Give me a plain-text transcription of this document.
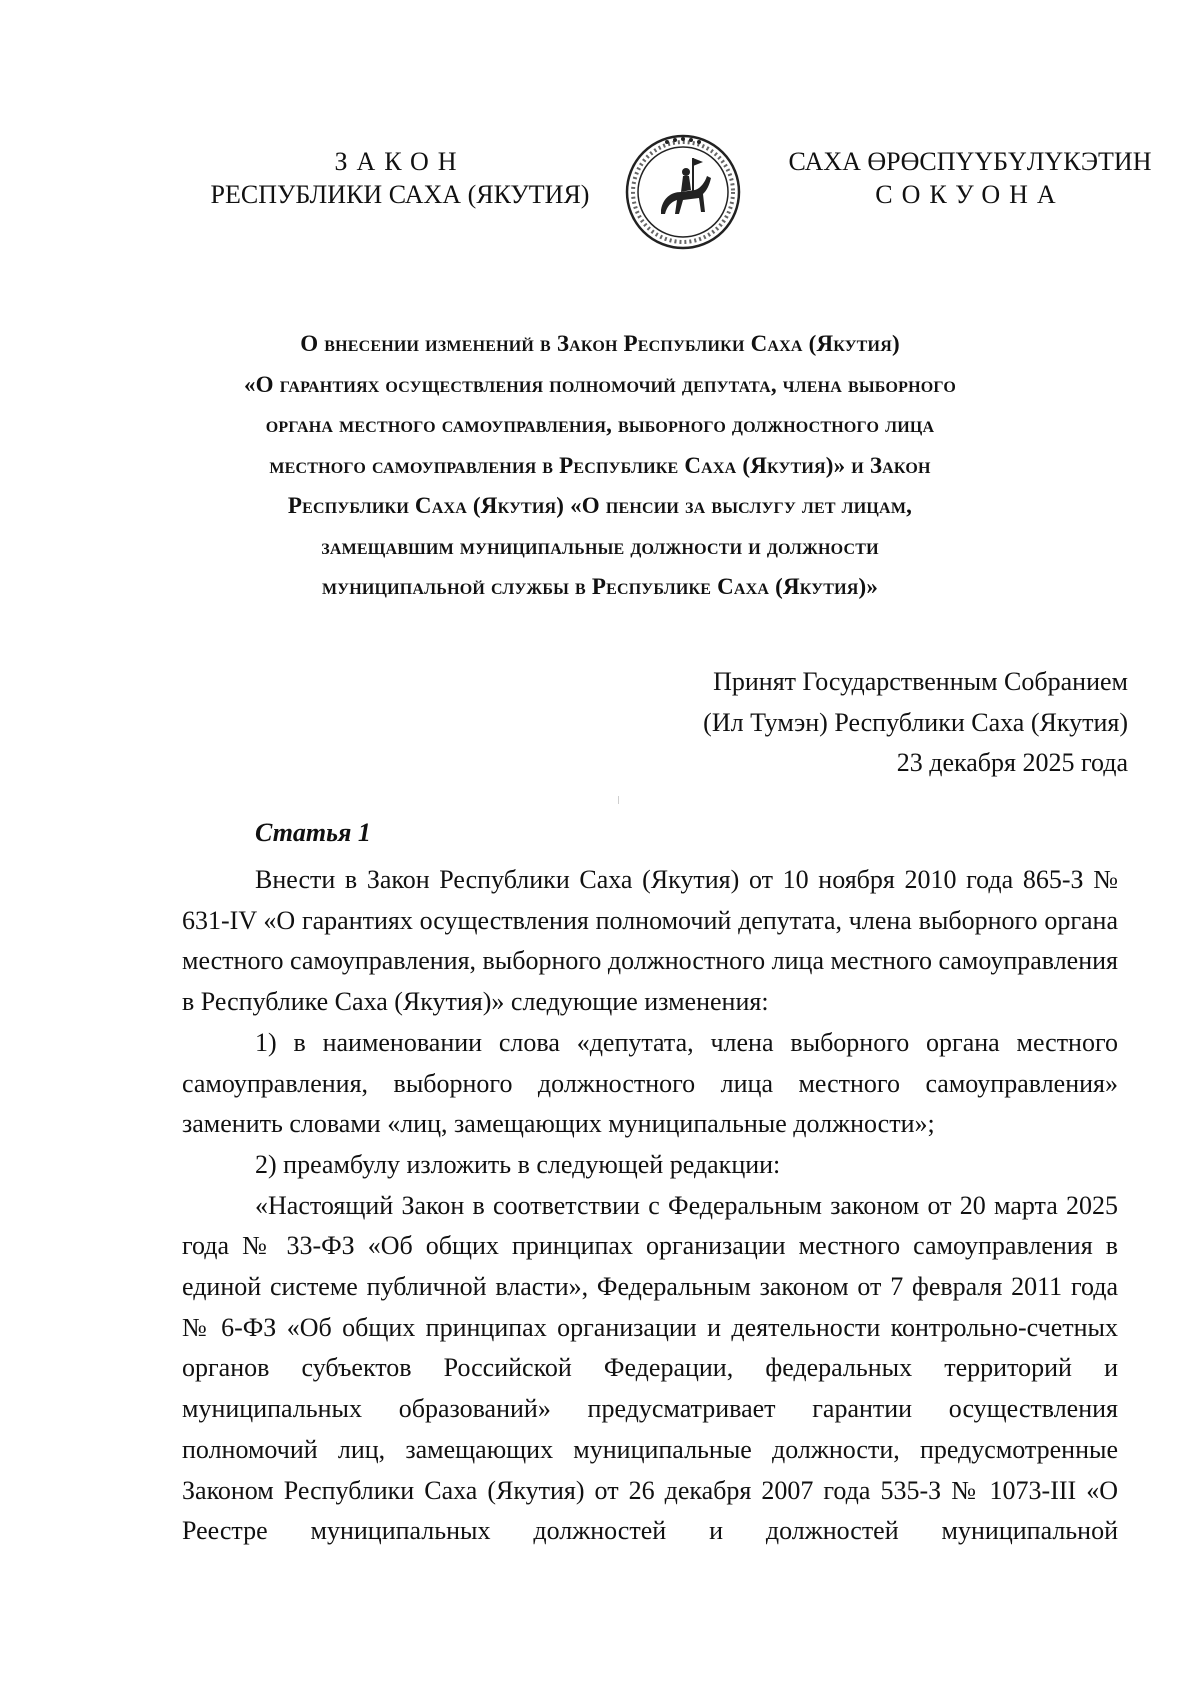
ЗАКОН
РЕСПУБЛИКИ САХА (ЯКУТИЯ)
САХА ӨРӨСПҮҮБҮЛҮКЭТИН
СОКУОНА
О внесении изменений в Закон Республики Саха (Якутия)
«О гарантиях осуществления полномочий депутата, члена выборного
органа местного самоуправления, выборного должностного лица
местного самоуправления в Республике Саха (Якутия)» и Закон
Республики Саха (Якутия) «О пенсии за выслугу лет лицам,
замещавшим муниципальные должности и должности
муниципальной службы в Республике Саха (Якутия)»
Принят Государственным Собранием
(Ил Тумэн) Республики Саха (Якутия)
23 декабря 2025 года
Статья 1

Внести в Закон Республики Саха (Якутия) от 10 ноября 2010 года 865-З № 631-IV «О гарантиях осуществления полномочий депутата, члена выборного органа местного самоуправления, выборного должностного лица местного самоуправления в Республике Саха (Якутия)» следующие изменения:

1) в наименовании слова «депутата, члена выборного органа местного самоуправления, выборного должностного лица местного самоуправления» заменить словами «лиц, замещающих муниципальные должности»;

2) преамбулу изложить в следующей редакции:

«Настоящий Закон в соответствии с Федеральным законом от 20 марта 2025 года № 33-ФЗ «Об общих принципах организации местного самоуправления в единой системе публичной власти», Федеральным законом от 7 февраля 2011 года № 6-ФЗ «Об общих принципах организации и деятельности контрольно-счетных органов субъектов Российской Федерации, федеральных территорий и муниципальных образований» предусматривает гарантии осуществления полномочий лиц, замещающих муниципальные должности, предусмотренные Законом Республики Саха (Якутия) от 26 декабря 2007 года 535-З № 1073-III «О Реестре муниципальных должностей и должностей муниципальной
